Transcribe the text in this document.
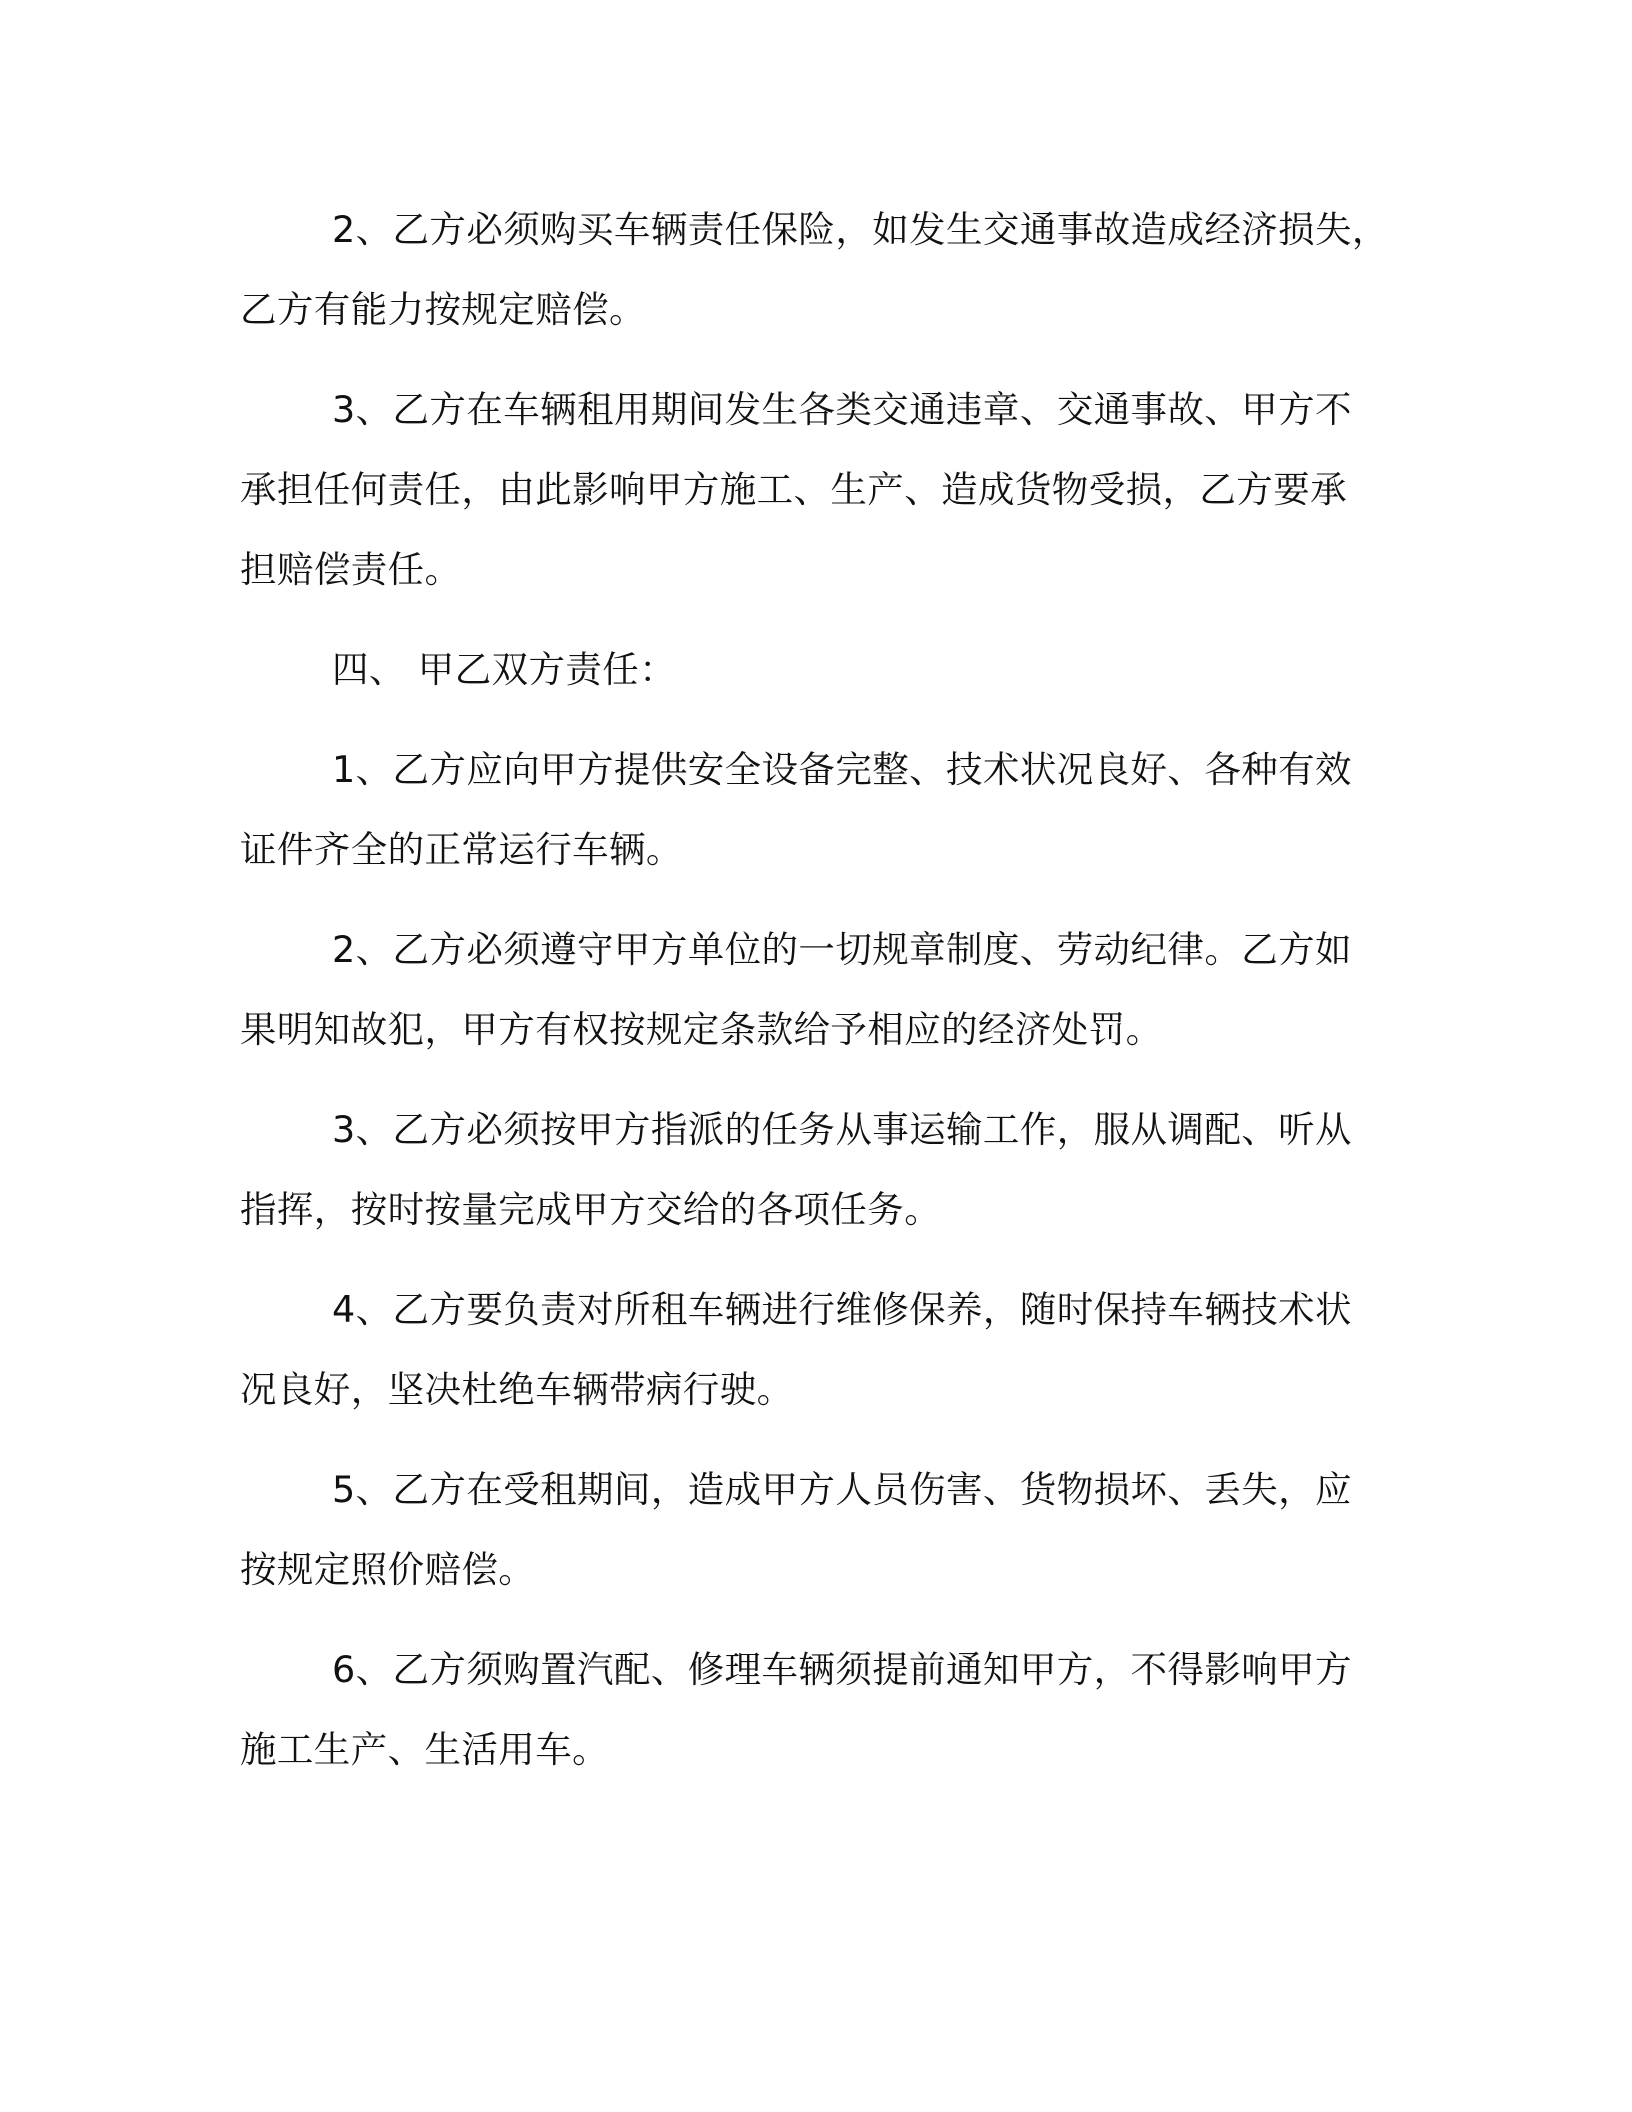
2、乙方必须购买车辆责任保险，如发生交通事故造成经济损失，
乙方有能力按规定赔偿。
3、乙方在车辆租用期间发生各类交通违章、交通事故、甲方不
承担任何责任，由此影响甲方施工、生产、造成货物受损，乙方要承
担赔偿责任。
四、 甲乙双方责任：
1、乙方应向甲方提供安全设备完整、技术状况良好、各种有效
证件齐全的正常运行车辆。
2、乙方必须遵守甲方单位的一切规章制度、劳动纪律。乙方如
果明知故犯，甲方有权按规定条款给予相应的经济处罚。
3、乙方必须按甲方指派的任务从事运输工作，服从调配、听从
指挥，按时按量完成甲方交给的各项任务。
4、乙方要负责对所租车辆进行维修保养，随时保持车辆技术状
况良好，坚决杜绝车辆带病行驶。
5、乙方在受租期间，造成甲方人员伤害、货物损坏、丢失，应
按规定照价赔偿。
6、乙方须购置汽配、修理车辆须提前通知甲方，不得影响甲方
施工生产、生活用车。
